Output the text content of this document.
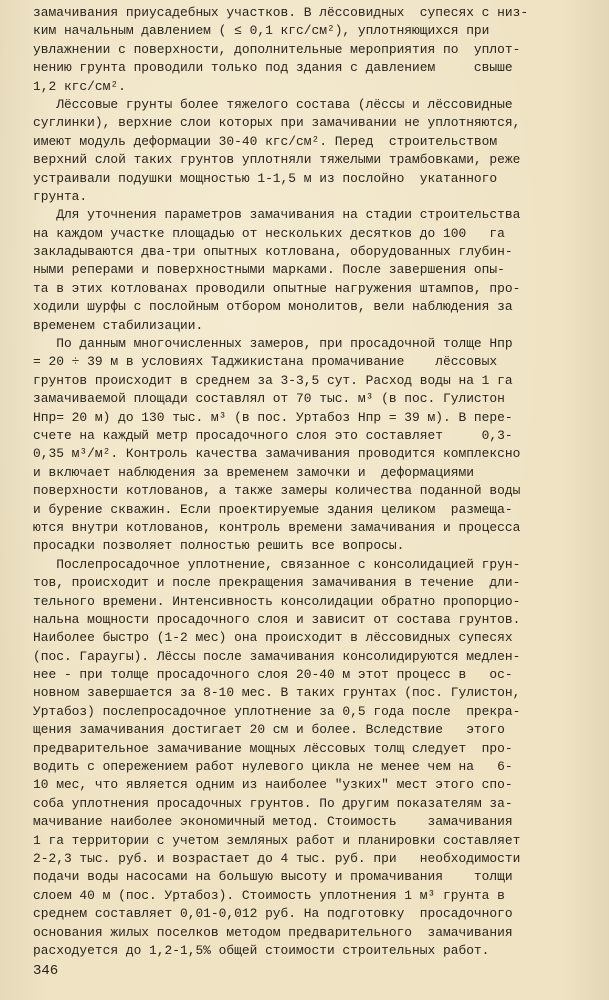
замачивания приусадебных участков. В лёссовидных  супесях с низ-
ким начальным давлением ( ≤ 0,1 кгс/см²), уплотняющихся при
увлажнении с поверхности, дополнительные мероприятия по  уплот-
нению грунта проводили только под здания с давлением     свыше
1,2 кгс/см².
Лёссовые грунты более тяжелого состава (лёссы и лёссовидные
суглинки), верхние слои которых при замачивании не уплотняются,
имеют модуль деформации 30-40 кгс/см². Перед  строительством
верхний слой таких грунтов уплотняли тяжелыми трамбовками, реже
устраивали подушки мощностью 1-1,5 м из послойно  укатанного
грунта.
Для уточнения параметров замачивания на стадии строительства
на каждом участке площадью от нескольких десятков до 100   га
закладываются два-три опытных котлована, оборудованных глубин-
ными реперами и поверхностными марками. После завершения опы-
та в этих котлованах проводили опытные нагружения штампов, про-
ходили шурфы с послойным отбором монолитов, вели наблюдения за
временем стабилизации.
По данным многочисленных замеров, при просадочной толще Hпр
= 20 ÷ 39 м в условиях Таджикистана промачивание    лёссовых
грунтов происходит в среднем за 3-3,5 сут. Расход воды на 1 га
замачиваемой площади составлял от 70 тыс. м³ (в пос. Гулистон
Hпр= 20 м) до 130 тыс. м³ (в пос. Уртабоз Hпр = 39 м). В пере-
счете на каждый метр просадочного слоя это составляет     0,3-
0,35 м³/м². Контроль качества замачивания проводится комплексно
и включает наблюдения за временем замочки и  деформациями
поверхности котлованов, а также замеры количества поданной воды
и бурение скважин. Если проектируемые здания целиком  размеща-
ются внутри котлованов, контроль времени замачивания и процесса
просадки позволяет полностью решить все вопросы.
Послепросадочное уплотнение, связанное с консолидацией грун-
тов, происходит и после прекращения замачивания в течение  дли-
тельного времени. Интенсивность консолидации обратно пропорцио-
нальна мощности просадочного слоя и зависит от состава грунтов.
Наиболее быстро (1-2 мес) она происходит в лёссовидных супесях
(пос. Гараугы). Лёссы после замачивания консолидируются медлен-
нее - при толще просадочного слоя 20-40 м этот процесс в   ос-
новном завершается за 8-10 мес. В таких грунтах (пос. Гулистон,
Уртабоз) послепросадочное уплотнение за 0,5 года после  прекра-
щения замачивания достигает 20 см и более. Вследствие   этого
предварительное замачивание мощных лёссовых толщ следует  про-
водить с опережением работ нулевого цикла не менее чем на   6-
10 мес, что является одним из наиболее "узких" мест этого спо-
соба уплотнения просадочных грунтов. По другим показателям за-
мачивание наиболее экономичный метод. Стоимость    замачивания
1 га территории с учетом земляных работ и планировки составляет
2-2,3 тыс. руб. и возрастает до 4 тыс. руб. при   необходимости
подачи воды насосами на большую высоту и промачивания    толщи
слоем 40 м (пос. Уртабоз). Стоимость уплотнения 1 м³ грунта в
среднем составляет 0,01-0,012 руб. На подготовку  просадочного
основания жилых поселков методом предварительного  замачивания
расходуется до 1,2-1,5% общей стоимости строительных работ.
346
